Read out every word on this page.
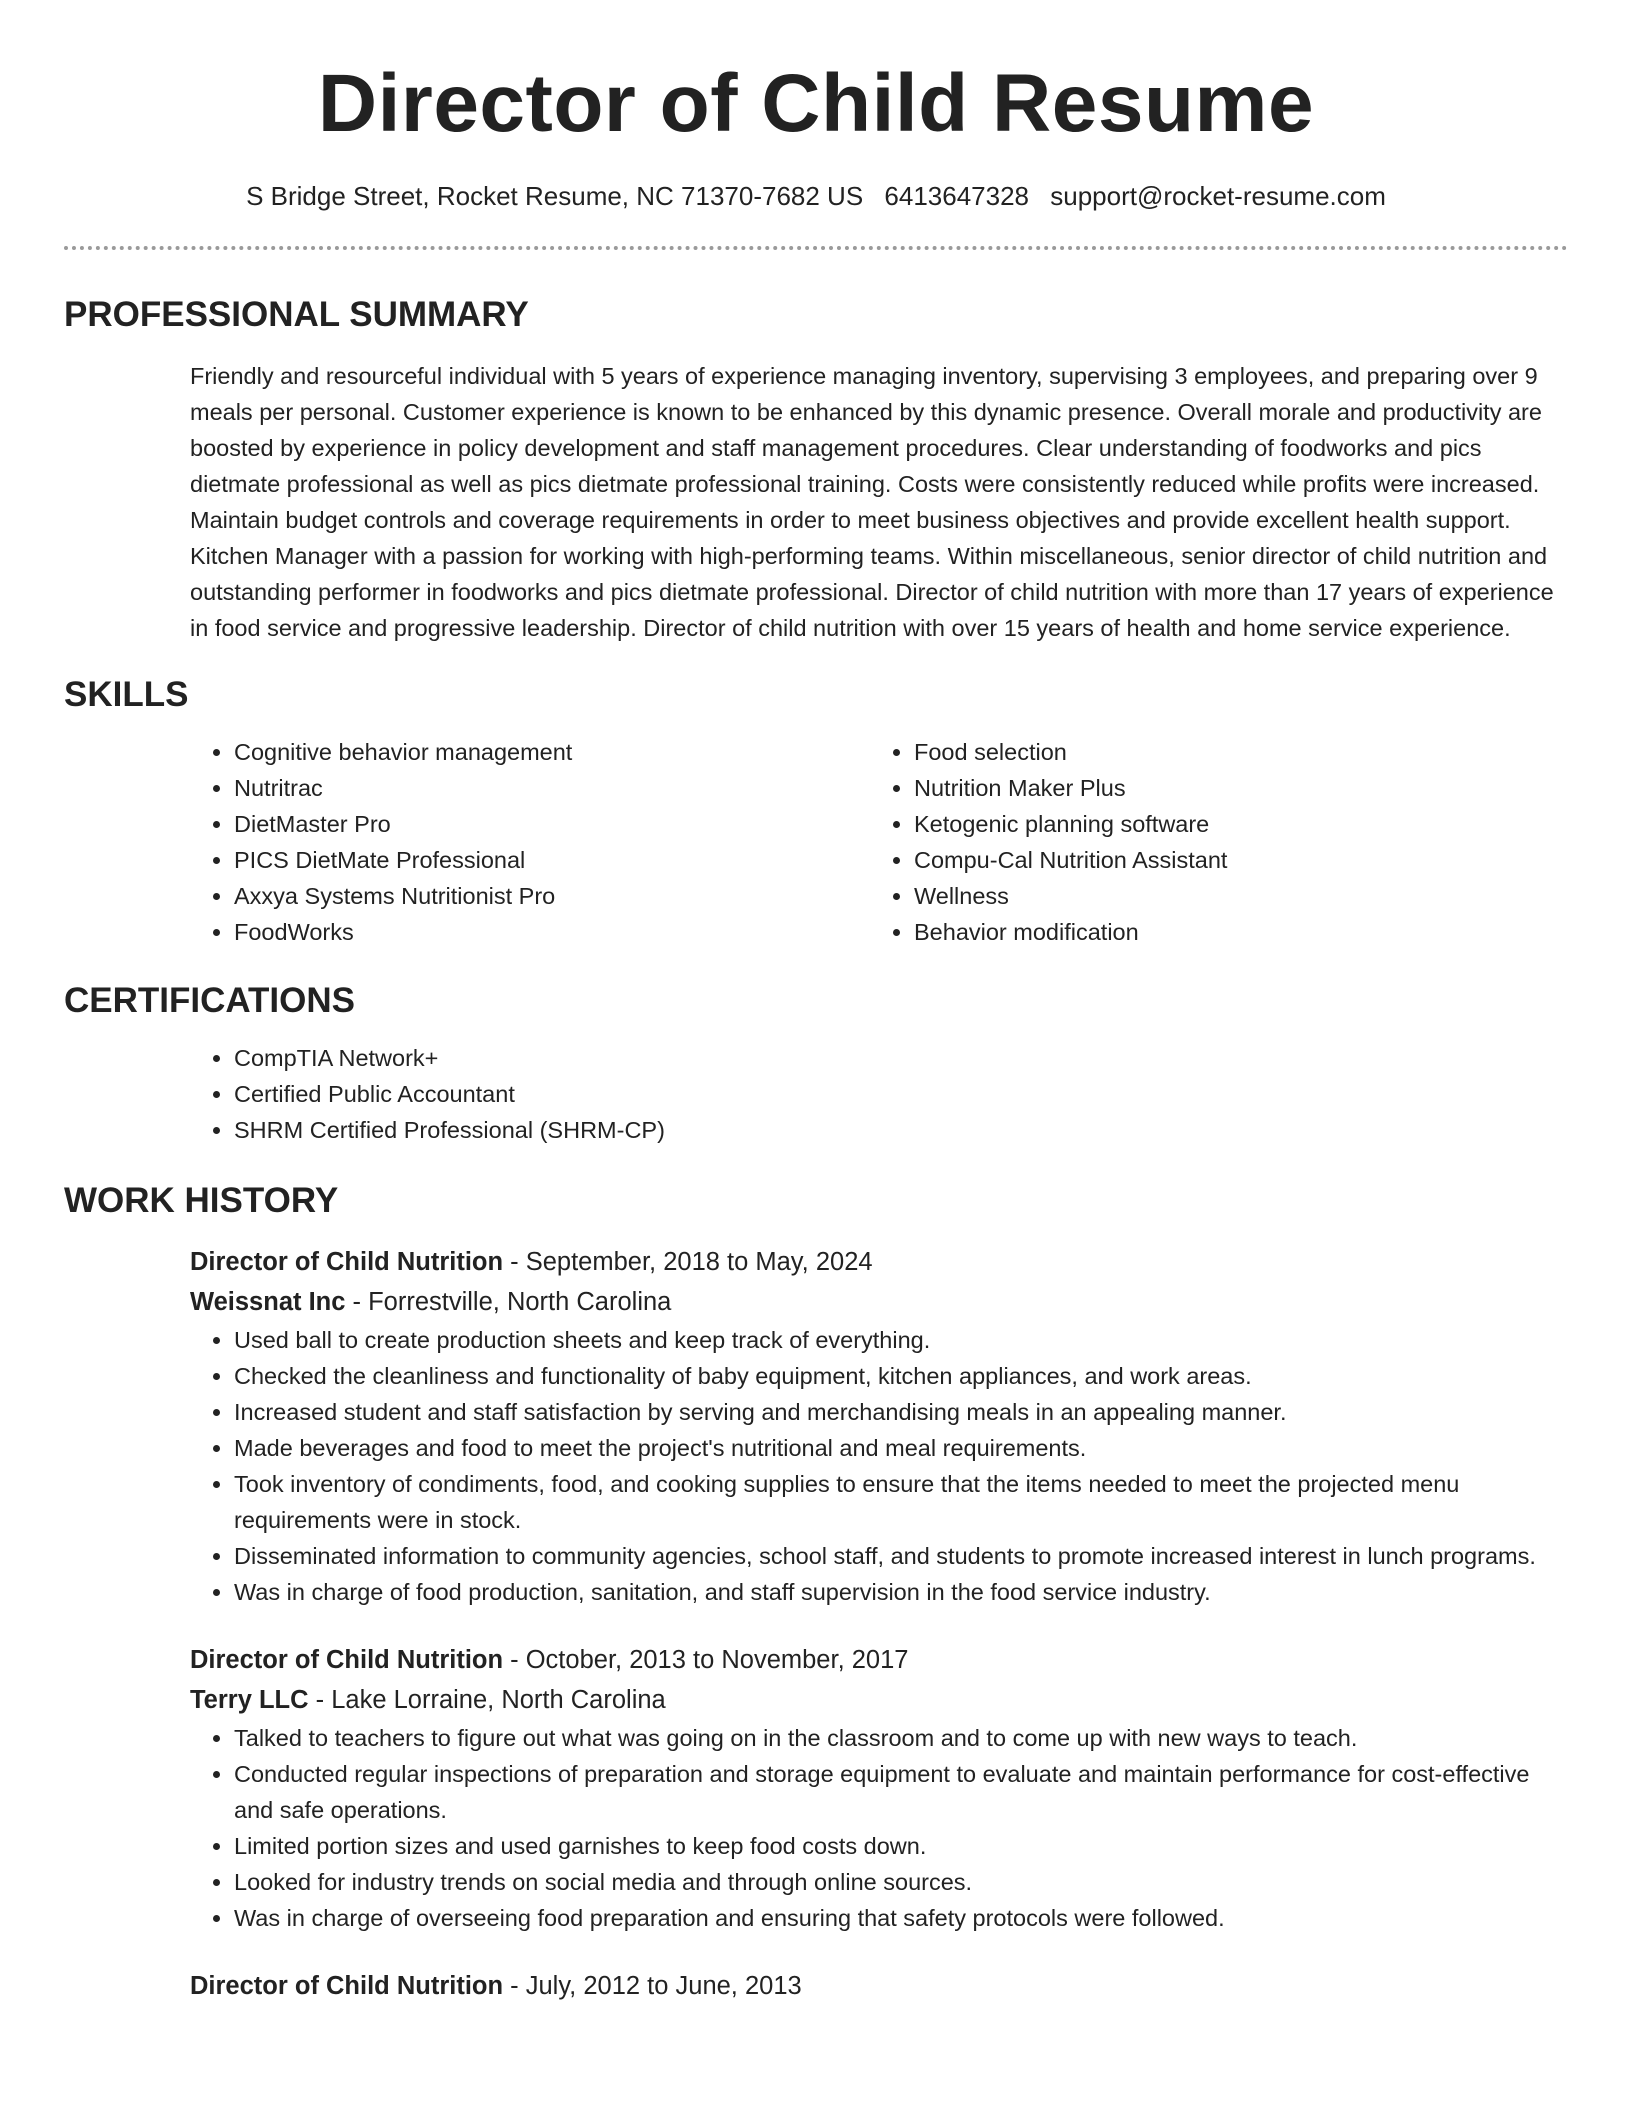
Director of Child Resume
S Bridge Street, Rocket Resume, NC 71370-7682 US 6413647328 support@rocket-resume.com
PROFESSIONAL SUMMARY

Friendly and resourceful individual with 5 years of experience managing inventory, supervising 3 employees, and preparing over 9 meals per personal. Customer experience is known to be enhanced by this dynamic presence. Overall morale and productivity are boosted by experience in policy development and staff management procedures. Clear understanding of foodworks and pics dietmate professional as well as pics dietmate professional training. Costs were consistently reduced while profits were increased. Maintain budget controls and coverage requirements in order to meet business objectives and provide excellent health support. Kitchen Manager with a passion for working with high-performing teams. Within miscellaneous, senior director of child nutrition and outstanding performer in foodworks and pics dietmate professional. Director of child nutrition with more than 17 years of experience in food service and progressive leadership. Director of child nutrition with over 15 years of health and home service experience.

SKILLS
• Cognitive behavior management
• Nutritrac
• DietMaster Pro
• PICS DietMate Professional
• Axxya Systems Nutritionist Pro
• FoodWorks
• Food selection
• Nutrition Maker Plus
• Ketogenic planning software
• Compu-Cal Nutrition Assistant
• Wellness
• Behavior modification
CERTIFICATIONS
• CompTIA Network+
• Certified Public Accountant
• SHRM Certified Professional (SHRM-CP)
WORK HISTORY
Director of Child Nutrition - September, 2018 to May, 2024
Weissnat Inc - Forrestville, North Carolina
• Used ball to create production sheets and keep track of everything.
• Checked the cleanliness and functionality of baby equipment, kitchen appliances, and work areas.
• Increased student and staff satisfaction by serving and merchandising meals in an appealing manner.
• Made beverages and food to meet the project's nutritional and meal requirements.
• Took inventory of condiments, food, and cooking supplies to ensure that the items needed to meet the projected menu requirements were in stock.
• Disseminated information to community agencies, school staff, and students to promote increased interest in lunch programs.
• Was in charge of food production, sanitation, and staff supervision in the food service industry.
Director of Child Nutrition - October, 2013 to November, 2017
Terry LLC - Lake Lorraine, North Carolina
• Talked to teachers to figure out what was going on in the classroom and to come up with new ways to teach.
• Conducted regular inspections of preparation and storage equipment to evaluate and maintain performance for cost-effective and safe operations.
• Limited portion sizes and used garnishes to keep food costs down.
• Looked for industry trends on social media and through online sources.
• Was in charge of overseeing food preparation and ensuring that safety protocols were followed.
Director of Child Nutrition - July, 2012 to June, 2013
